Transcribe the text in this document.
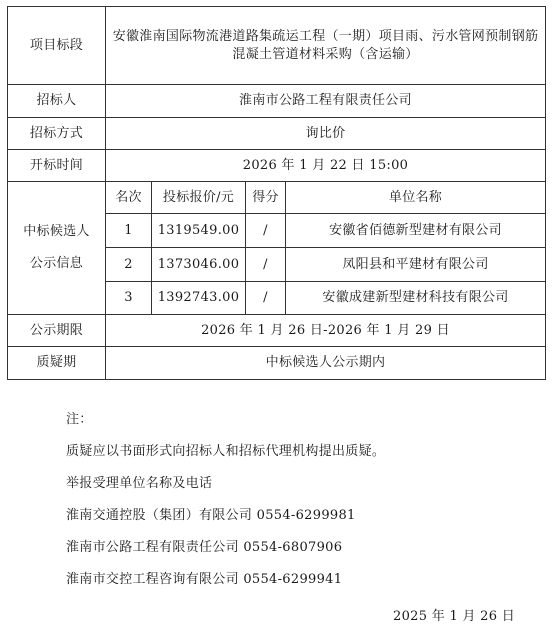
项目标段	安徽淮南国际物流港道路集疏运工程（一期）项目雨、污水管网预制钢筋混凝土管道材料采购（含运输）			
招标人	淮南市公路工程有限责任公司			
招标方式	询比价			
开标时间	2026 年 1 月 22 日 15:00			

中标候选人
公示信息	名次	投标报价/元	得分	单位名称
	1	1319549.00	/	安徽省佰德新型建材有限公司
	2	1373046.00	/	凤阳县和平建材有限公司
	3	1392743.00	/	安徽成建新型建材科技有限公司
公示期限	2026 年 1 月 26 日-2026 年 1 月 29 日			
质疑期	中标候选人公示期内			
注：
质疑应以书面形式向招标人和招标代理机构提出质疑。
举报受理单位名称及电话
淮南交通控股（集团）有限公司 0554-6299981
淮南市公路工程有限责任公司 0554-6807906
淮南市交控工程咨询有限公司 0554-6299941
2025 年 1 月 26 日
